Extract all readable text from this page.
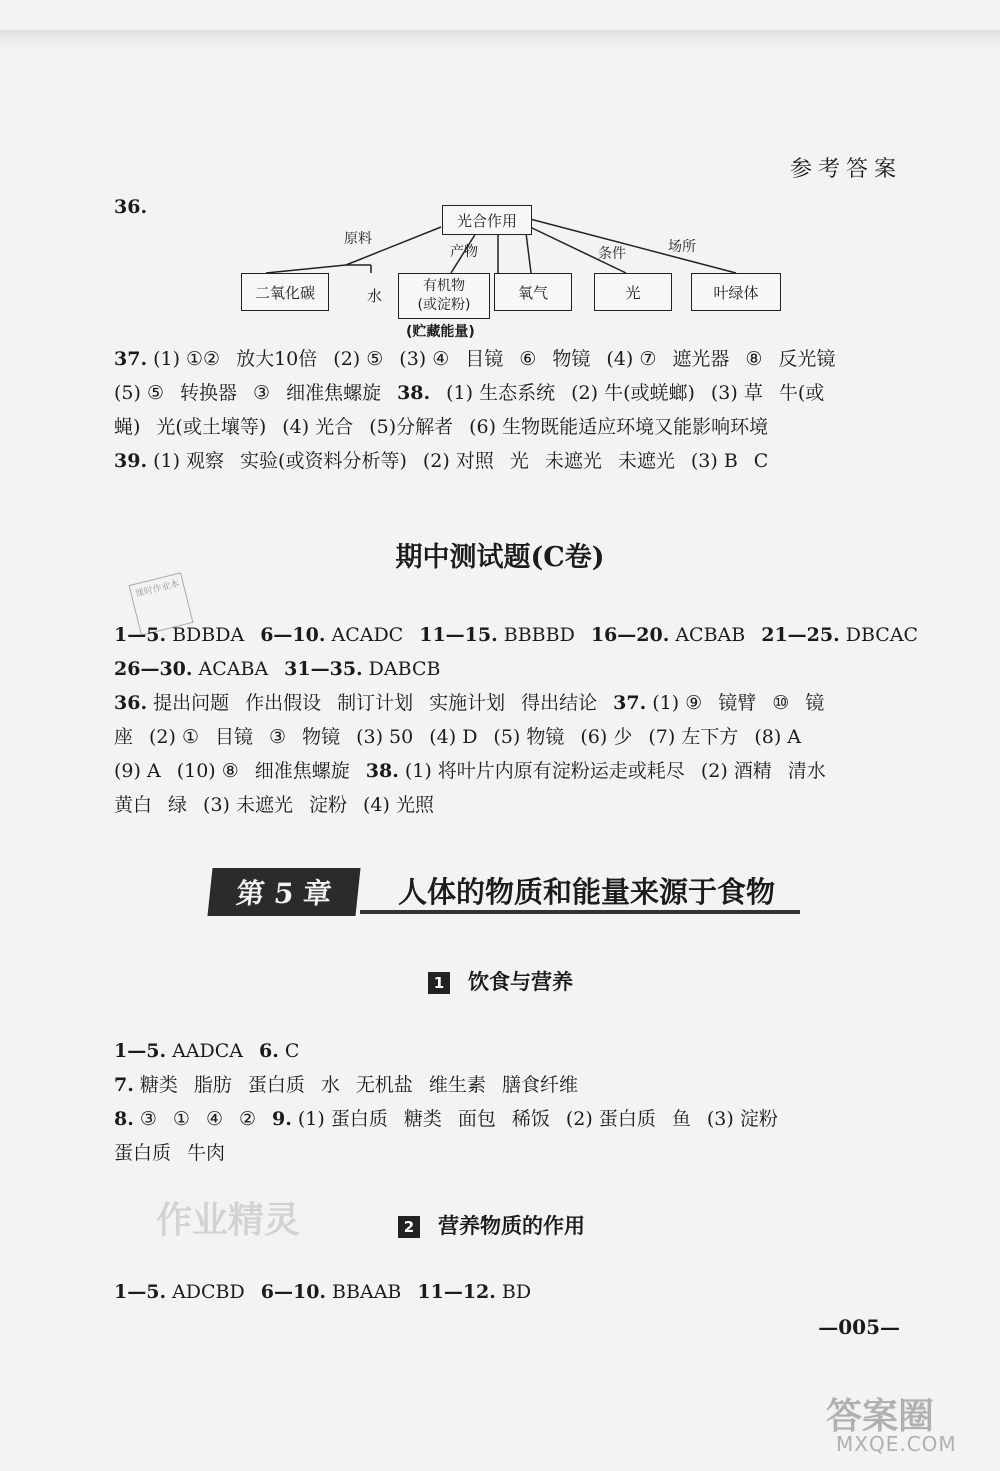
参考答案
36.
光合作用
原料
产物	条件	场所
二氧化碳	水
有机物
(或淀粉)
氧气	光	叶绿体
(贮藏能量)
37. (1) ①② 放大10倍 (2) ⑤ (3) ④ 目镜 ⑥ 物镜 (4) ⑦ 遮光器 ⑧ 反光镜
(5) ⑤ 转换器 ③ 细准焦螺旋 38. (1) 生态系统 (2) 牛(或蜣螂) (3) 草 牛(或
蝇) 光(或土壤等) (4) 光合 (5)分解者 (6) 生物既能适应环境又能影响环境
39. (1) 观察 实验(或资料分析等) (2) 对照 光 未遮光 未遮光 (3) B C
期中测试题(C卷)
课时作业本
1—5. BDBDA 6—10. ACADC 11—15. BBBBD 16—20. ACBAB 21—25. DBCAC
26—30. ACABA 31—35. DABCB
36. 提出问题 作出假设 制订计划 实施计划 得出结论 37. (1) ⑨ 镜臂 ⑩ 镜
座 (2) ① 目镜 ③ 物镜 (3) 50 (4) D (5) 物镜 (6) 少 (7) 左下方 (8) A
(9) A (10) ⑧ 细准焦螺旋 38. (1) 将叶片内原有淀粉运走或耗尽 (2) 酒精 清水
黄白 绿 (3) 未遮光 淀粉 (4) 光照
第 5 章	人体的物质和能量来源于食物
1 饮食与营养
1—5. AADCA 6. C
7. 糖类 脂肪 蛋白质 水 无机盐 维生素 膳食纤维
8. ③ ① ④ ② 9. (1) 蛋白质 糖类 面包 稀饭 (2) 蛋白质 鱼 (3) 淀粉
蛋白质 牛肉
作业精灵	2 营养物质的作用
1—5. ADCBD 6—10. BBAAB 11—12. BD
—005—
答案圈
MXQE.COM
